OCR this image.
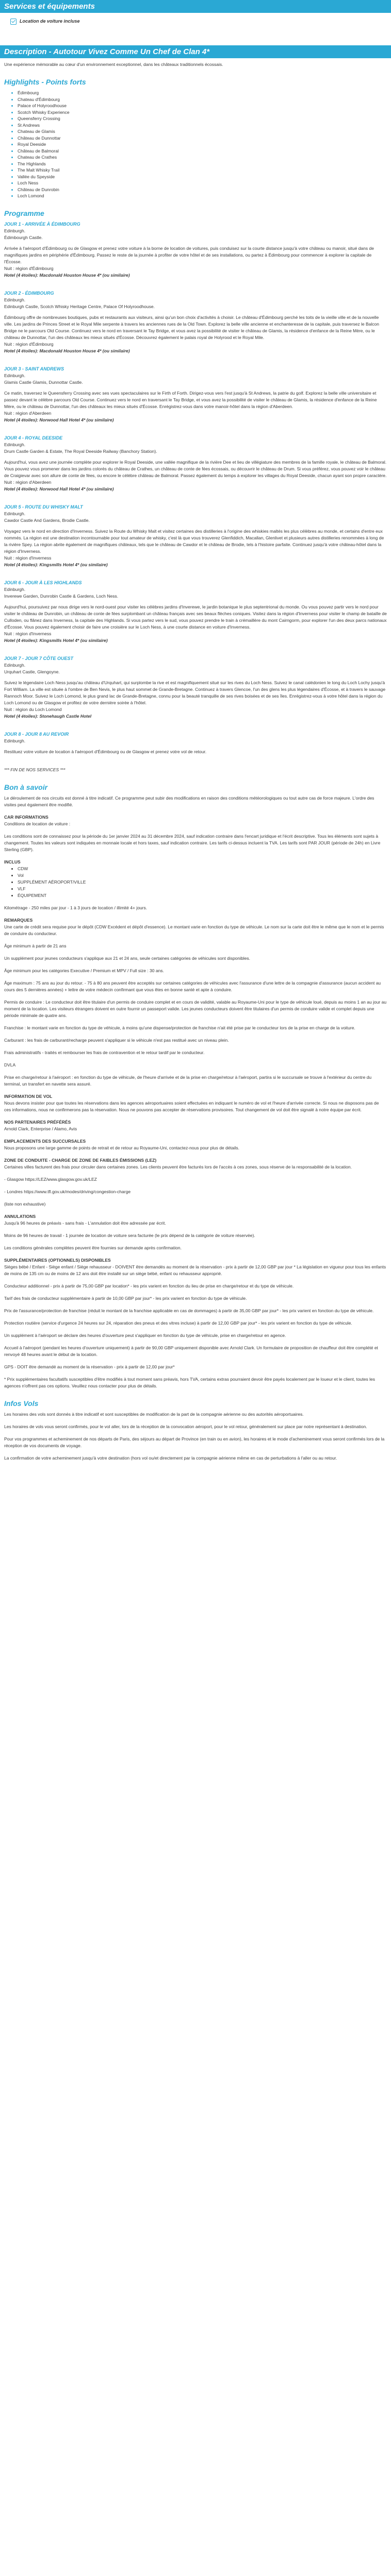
Services et équipements
Location de voiture incluse
Description - Autotour Vivez Comme Un Chef de Clan 4*

Une expérience mémorable au cœur d'un environnement exceptionnel, dans les châteaux traditionnels écossais.

Highlights - Points forts
• Édimbourg
• Chateau d'Édimbourg
• Palace of Holyroodhouse
• Scotch Whisky Experience
• Queensferry Crossing
• St Andrews
• Chateau de Glamis
• Château de Dunnottar
• Royal Deeside
• Château de Balmoral
• Chateau de Crathes
• The Highlands
• The Malt Whisky Trail
• Vallée du Speyside
• Loch Ness
• Château de Dunrobin
• Loch Lomond
Programme
JOUR 1 - ARRIVÉE À ÉDIMBOURG

Edinburgh.

Édimbourgh Castle.

Arrivée à l'aéroport d'Édimbourg ou de Glasgow et prenez votre voiture à la borne de location de voitures, puis conduisez sur la courte distance jusqu'à votre château ou manoir, situé dans de magnifiques jardins en périphérie d'Édimbourg. Passez le reste de la journée à profiter de votre hôtel et de ses installations, ou partez à Édimbourg pour commencer à explorer la capitale de l'Écosse.

Nuit : région d'Édimbourg

Hotel (4 étoiles): Macdonald Houston House 4* (ou similaire)

JOUR 2 - ÉDIMBOURG

Edinburgh.

Edinburgh Castle, Scotch Whisky Heritage Centre, Palace Of Holyroodhouse.

Édimbourg offre de nombreuses boutiques, pubs et restaurants aux visiteurs, ainsi qu'un bon choix d'activités à choisir. Le château d'Édimbourg perché les toits de la vieille ville et de la nouvelle ville. Les jardins de Princes Street et le Royal Mile serpente à travers les anciennes rues de la Old Town. Explorez la belle ville ancienne et enchanteresse de la capitale, puis traversez le Balcon Bridge ne le parcours Old Course. Continuez vers le nord en traversant le Tay Bridge, et vous avez la possibilité de visiter le château de Glamis, la résidence d'enfance de la Reine Mère, ou le château de Dunnottar, l'un des châteaux les mieux situés d'Écosse. Découvrez également le palais royal de Holyrood et le Royal Mile.

Nuit : région d'Édimbourg

Hotel (4 étoiles): Macdonald Houston House 4* (ou similaire)

JOUR 3 - SAINT ANDREWS

Edinburgh.

Glamis Castle Glamis, Dunnottar Castle.

Ce matin, traversez le Queensferry Crossing avec ses vues spectaculaires sur le Firth of Forth. Dirigez-vous vers l'est jusqu'à St Andrews, la patrie du golf. Explorez la belle ville universitaire et passez devant le célèbre parcours Old Course. Continuez vers le nord en traversant le Tay Bridge, et vous avez la possibilité de visiter le château de Glamis, la résidence d'enfance de la Reine Mère, ou le château de Dunnottar, l'un des châteaux les mieux situés d'Écosse. Enrégistrez-vous dans votre manoir-hôtel dans la région d'Aberdeen.

Nuit : région d'Aberdeen

Hotel (4 étoiles): Norwood Hall Hotel 4* (ou similaire)

JOUR 4 - ROYAL DEESIDE

Edinburgh.

Drum Castle Garden & Estate, The Royal Deeside Railway (Banchory Station).

Aujourd'hui, vous avez une journée complète pour explorer le Royal Deeside, une vallée magnifique de la rivière Dee et lieu de villégiature des membres de la famille royale, le château de Balmoral. Vous pouvez vous promener dans les jardins colorés du château de Crathes, un château de conte de fées écossais, ou découvrir le château de Drum. Si vous préférez, vous pouvez voir le château de Craigievar avec son allure de conte de fées, ou encore le célèbre château de Balmoral. Passez également du temps à explorer les villages du Royal Deeside, chacun ayant son propre caractère.

Nuit : région d'Aberdeen

Hotel (4 étoiles): Norwood Hall Hotel 4* (ou similaire)

JOUR 5 - ROUTE DU WHISKY MALT

Edinburgh.

Cawdor Castle And Gardens, Brodie Castle.

Voyagez vers le nord en direction d'Inverness. Suivez la Route du Whisky Malt et visitez certaines des distilleries à l'origine des whiskies maltés les plus célèbres au monde, et certains d'entre eux nommés. La région est une destination incontournable pour tout amateur de whisky, c'est là que vous trouverez Glenfiddich, Macallan, Glenlivet et plusieurs autres distilleries renommées à long de la rivière Spey. La région abrite également de magnifiques châteaux, tels que le château de Cawdor et le château de Brodie, tels à l'histoire parfaite. Continuez jusqu'à votre château-hôtel dans la région d'Inverness.

Nuit : région d'Inverness

Hotel (4 étoiles): Kingsmills Hotel 4* (ou similaire)

JOUR 6 - JOUR À LES HIGHLANDS

Edinburgh.

Inverewe Garden, Dunrobin Castle & Gardens, Loch Ness.

Aujourd'hui, poursuivez par nous dirige vers le nord-ouest pour visiter les célèbres jardins d'Inverewe, le jardin botanique le plus septentrional du monde. Ou vous pouvez partir vers le nord pour visiter le château de Dunrobin, un château de conte de fées surplombant un château français avec ses beaux flèches coniques. Visitez dans la région d'Inverness pour visiter le champ de bataille de Culloden, ou flânez dans Inverness, la capitale des Highlands. Si vous partez vers le sud, vous pouvez prendre le train à crémaillère du mont Cairngorm, pour explorer l'un des deux parcs nationaux d'Écosse. Vous pouvez également choisir de faire une croisière sur le Loch Ness, à une courte distance en voiture d'Inverness.

Nuit : région d'Inverness

Hotel (4 étoiles): Kingsmills Hotel 4* (ou similaire)

JOUR 7 - JOUR 7 CÔTE OUEST

Edinburgh.

Urquhart Castle, Glengoyne.

Suivez le légendaire Loch Ness jusqu'au château d'Urquhart, qui surplombe la rive et est magnifiquement situé sur les rives du Loch Ness. Suivez le canal calédonien le long du Loch Lochy jusqu'à Fort William. La ville est située à l'ombre de Ben Nevis, le plus haut sommet de Grande-Bretagne. Continuez à travers Glencoe, l'un des glens les plus légendaires d'Écosse, et à travers le sauvage Rannoch Moor. Suivez le Loch Lomond, le plus grand lac de Grande-Bretagne, connu pour la beauté tranquille de ses rives boisées et de ses îles. Enrégistrez-vous à votre hôtel dans la région du Loch Lomond ou de Glasgow et profitez de votre dernière soirée à l'hôtel.

Nuit : région du Loch Lomond

Hotel (4 étoiles): Stonehaugh Castle Hotel

JOUR 8 - JOUR 8 AU REVOIR

Edinburgh.

Restituez votre voiture de location à l'aéroport d'Édimbourg ou de Glasgow et prenez votre vol de retour.

*** FIN DE NOS SERVICES ***

Bon à savoir

Le déroulement de nos circuits est donné à titre indicatif. Ce programme peut subir des modifications en raison des conditions météorologiques ou tout autre cas de force majeure. L'ordre des visites peut également être modifié.

CAR INFORMATIONS

Conditions de location de voiture :

Les conditions sont de connaissez pour la période du 1er janvier 2024 au 31 décembre 2024, sauf indication contraire dans l'encart juridique et l'écrit descriptive. Tous les éléments sont sujets à changement. Toutes les valeurs sont indiquées en monnaie locale et hors taxes, sauf indication contraire. Les tarifs ci-dessus incluent la TVA. Les tarifs sont PAR JOUR (période de 24h) en Livre Sterling (GBP).

INCLUS

• CDW
• Vol
• SUPPLÉMENT AÉROPORT/VILLE
• VLF
• ÉQUIPEMENT

Kilométrage - 250 miles par jour - 1 à 3 jours de location / illimité 4+ jours.

REMARQUES

Une carte de crédit sera requise pour le dépôt (CDW Excédent et dépôt d'essence). Le montant varie en fonction du type de véhicule. Le nom sur la carte doit être le même que le nom et le permis de conduire du conducteur.

Âge minimum à partir de 21 ans

Un supplément pour jeunes conducteurs s'applique aux 21 et 24 ans, seule certaines catégories de véhicules sont disponibles.

Âge minimum pour les catégories Executive / Premium et MPV / Full size : 30 ans.

Âge maximum : 75 ans au jour du retour. - 75 à 80 ans peuvent être acceptés sur certaines catégories de véhicules avec l'assurance d'une lettre de la compagnie d'assurance (aucun accident au cours des 5 dernières années) + lettre de votre médecin confirmant que vous êtes en bonne santé et apte à conduire.

Permis de conduire : Le conducteur doit être titulaire d'un permis de conduire complet et en cours de validité, valable au Royaume-Uni pour le type de véhicule loué, depuis au moins 1 an au jour au moment de la location. Les visiteurs étrangers doivent en outre fournir un passeport valide. Les jeunes conducteurs doivent être titulaires d'un permis de conduire valide et complet depuis une période minimale de quatre ans.

Franchise : le montant varie en fonction du type de véhicule, à moins qu'une dispense/protection de franchise n'ait été prise par le conducteur lors de la prise en charge de la voiture.

Carburant : les frais de carburant/recharge peuvent s'appliquer si le véhicule n'est pas restitué avec un niveau plein.

Frais administratifs - traités et rembourser les frais de contravention et le retour tardif par le conducteur.

DVLA

Prise en charge/retour à l'aéroport : en fonction du type de véhicule, de l'heure d'arrivée et de la prise en charge/retour à l'aéroport, partira si le succursale se trouve à l'extérieur du centre du terminal, un transfert en navette sera assuré.

INFORMATION DE VOL

Nous devons insister pour que toutes les réservations dans les agences aéroportuaires soient effectuées en indiquant le numéro de vol et l'heure d'arrivée correcte. Si nous ne disposons pas de ces informations, nous ne confirmerons pas la réservation. Nous ne pouvons pas accepter de réservations provisoires. Tout changement de vol doit être signalé à notre équipe par écrit.

NOS PARTENAIRES PRÉFÉRÉS

Arnold Clark, Enterprise / Alamo, Avis

EMPLACEMENTS DES SUCCURSALES

Nous proposons une large gamme de points de retrait et de retour au Royaume-Uni, contactez-nous pour plus de détails.

ZONE DE CONDUITE - CHARGE DE ZONE DE FAIBLES ÉMISSIONS (LEZ)

Certaines villes facturent des frais pour circuler dans certaines zones. Les clients peuvent être facturés lors de l'accès à ces zones, sous réserve de la responsabilité de la location.

- Glasgow https://LEZ/www.glasgow.gov.uk/LEZ

- Londres https://www.tfl.gov.uk/modes/driving/congestion-charge

(liste non exhaustive)

ANNULATIONS

Jusqu'à 96 heures de préavis - sans frais - L'annulation doit être adressée par écrit.

Moins de 96 heures de travail - 1 journée de location de voiture sera facturée (le prix dépend de la catégorie de voiture réservée).

Les conditions générales complètes peuvent être fournies sur demande après confirmation.

SUPPLÉMENTAIRES (OPTIONNELS) DISPONIBLES

Sièges bébé / Enfant - Siège enfant / Siège rehausseur - DOIVENT être demandés au moment de la réservation - prix à partir de 12,00 GBP par jour * La législation en vigueur pour tous les enfants de moins de 135 cm ou de moins de 12 ans doit être installé sur un siège bébé, enfant ou rehausseur approprié.

Conducteur additionnel - prix à partir de 75,00 GBP par location* - les prix varient en fonction du lieu de prise en charge/retour et du type de véhicule.

Tarif des frais de conducteur supplémentaire à partir de 10,00 GBP par jour* - les prix varient en fonction du type de véhicule.

Prix de l'assurance/protection de franchise (réduit le montant de la franchise applicable en cas de dommages) à partir de 35,00 GBP par jour* - les prix varient en fonction du type de véhicule.

Protection routière (service d'urgence 24 heures sur 24, réparation des pneus et des vitres incluse) à partir de 12,00 GBP par jour* - les prix varient en fonction du type de véhicule.

Un supplément à l'aéroport se déclare des heures d'ouverture peut s'appliquer en fonction du type de véhicule, prise en charge/retour en agence.

Accueil à l'aéroport (pendant les heures d'ouverture uniquement) à partir de 90,00 GBP uniquement disponible avec Arnold Clark. Un formulaire de proposition de chauffeur doit être complété et renvoyé 48 heures avant le début de la location.

GPS - DOIT être demandé au moment de la réservation - prix à partir de 12,00 par jour*

* Prix supplémentaires facultatifs susceptibles d'être modifiés à tout moment sans préavis, hors TVA, certains extras pourraient devoir être payés localement par le loueur et le client, toutes les agences n'offrent pas ces options. Veuillez nous contacter pour plus de détails.

Infos Vols

Les horaires des vols sont donnés à titre indicatif et sont susceptibles de modification de la part de la compagnie aérienne ou des autorités aéroportuaires.

Les horaires de vols vous seront confirmés, pour le vol aller, lors de la réception de la convocation aéroport, pour le vol retour, généralement sur place par notre représentant à destination.

Pour vos programmes et acheminement de nos départs de Paris, des séjours au départ de Province (en train ou en avion), les horaires et le mode d'acheminement vous seront confirmés lors de la réception de vos documents de voyage.

La confirmation de votre acheminement jusqu'à votre destination (hors vol ou/et directement par la compagnie aérienne même en cas de perturbations à l'aller ou au retour.
